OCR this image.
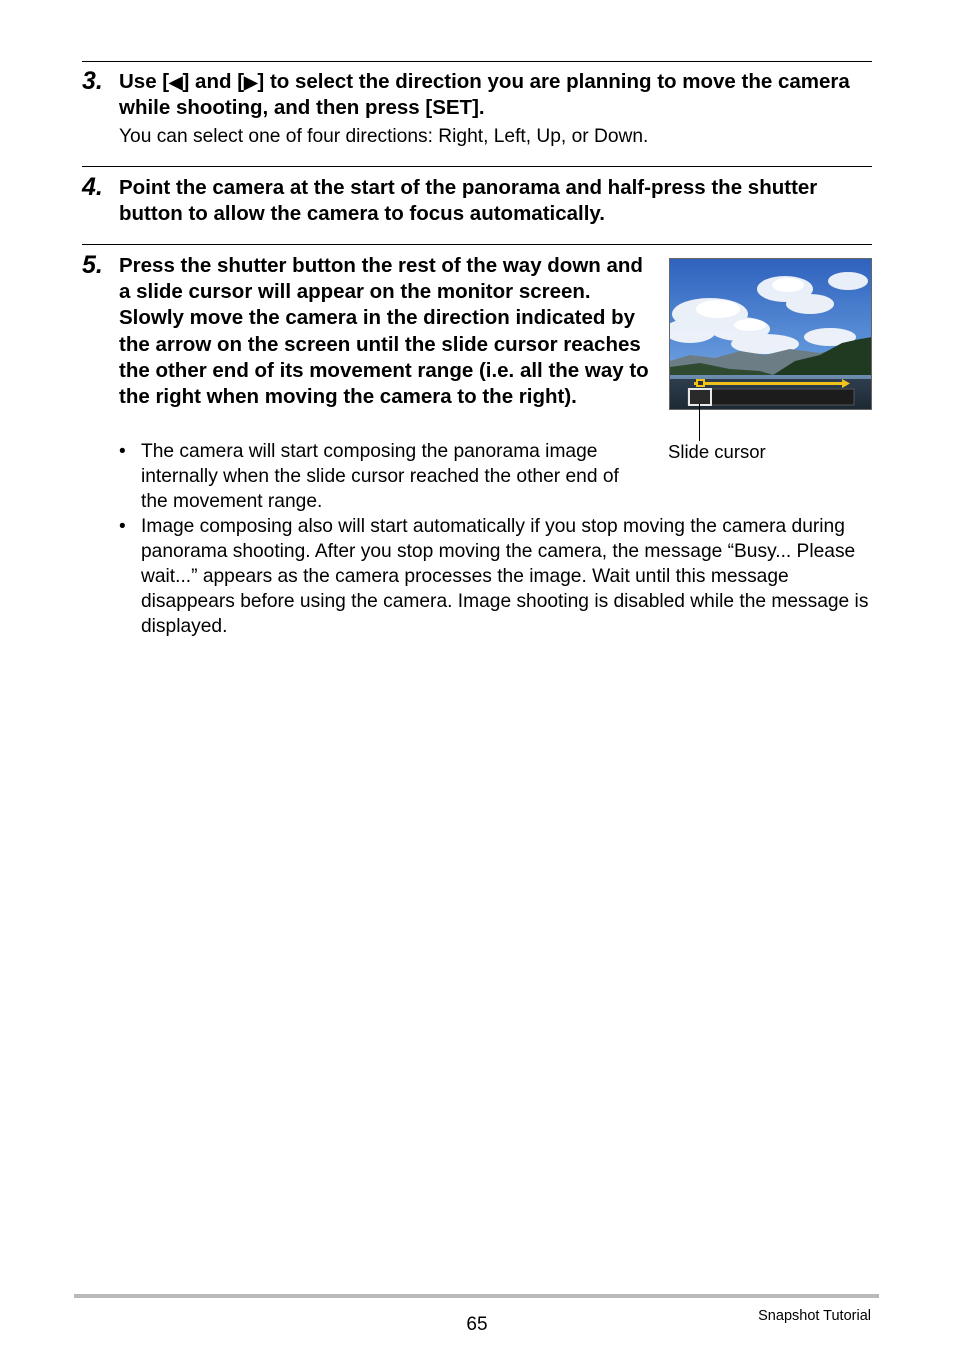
3. Use [◀] and [▶] to select the direction you are planning to move the camera while shooting, and then press [SET].

You can select one of four directions: Right, Left, Up, or Down.

4. Point the camera at the start of the panorama and half-press the shutter button to allow the camera to focus automatically.

5. Press the shutter button the rest of the way down and a slide cursor will appear on the monitor screen. Slowly move the camera in the direction indicated by the arrow on the screen until the slide cursor reaches the other end of its movement range (i.e. all the way to the right when moving the camera to the right).

Slide cursor
• The camera will start composing the panorama image internally when the slide cursor reached the other end of the movement range.
• Image composing also will start automatically if you stop moving the camera during panorama shooting. After you stop moving the camera, the message “Busy... Please wait...” appears as the camera processes the image. Wait until this message disappears before using the camera. Image shooting is disabled while the message is displayed.
65	Snapshot Tutorial
